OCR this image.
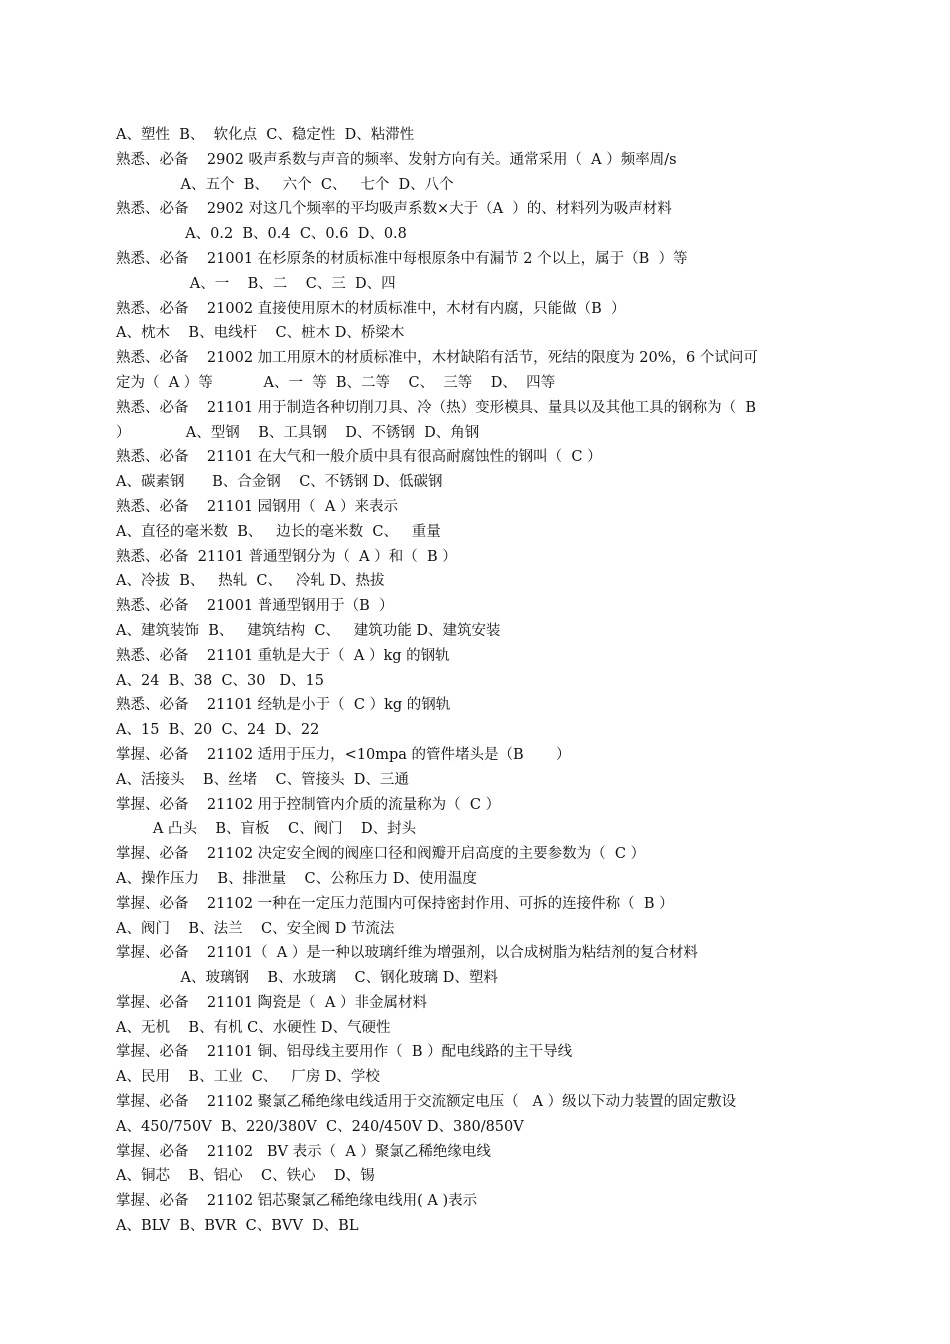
A、塑性  B、  软化点  C、稳定性  D、粘滞性

熟悉、必备    2902 吸声系数与声音的频率、发射方向有关。通常采用（  A ）频率周/s

A、五个  B、   六个  C、   七个  D、八个

熟悉、必备    2902 对这几个频率的平均吸声系数×大于（A  ）的、材料列为吸声材料

A、0.2  B、0.4  C、0.6  D、0.8

熟悉、必备    21001 在杉原条的材质标准中每根原条中有漏节 2 个以上，属于（B  ）等

A、一    B、二    C、三  D、四

熟悉、必备    21002 直接使用原木的材质标准中，木材有内腐，只能做（B  ）

A、枕木    B、电线杆    C、桩木 D、桥梁木

熟悉、必备    21002 加工用原木的材质标准中，木材缺陷有活节，死结的限度为 20%，6 个试问可

定为（  A ）等           A、一  等  B、二等    C、  三等    D、  四等

熟悉、必备    21101 用于制造各种切削刀具、冷（热）变形模具、量具以及其他工具的钢称为（  B

）            A、型钢    B、工具钢    D、不锈钢  D、角钢

熟悉、必备    21101 在大气和一般介质中具有很高耐腐蚀性的钢叫（  C ）

A、碳素钢      B、合金钢    C、不锈钢 D、低碳钢

熟悉、必备    21101 园钢用（  A ）来表示

A、直径的毫米数  B、   边长的毫米数  C、   重量

熟悉、必备  21101 普通型钢分为（  A ）和（  B ）

A、冷拔  B、   热轧  C、   冷轧 D、热拔

熟悉、必备    21001 普通型钢用于（B  ）

A、建筑装饰  B、   建筑结构  C、   建筑功能 D、建筑安装

熟悉、必备    21101 重轨是大于（  A ）kg 的钢轨

A、24  B、38  C、30   D、15

熟悉、必备    21101 经轨是小于（  C ）kg 的钢轨

A、15  B、20  C、24  D、22

掌握、必备    21102 适用于压力，<10mpa 的管件堵头是（B       ）

A、活接头    B、丝堵    C、管接头  D、三通

掌握、必备    21102 用于控制管内介质的流量称为（  C ）

A 凸头    B、盲板    C、阀门    D、封头

掌握、必备    21102 决定安全阀的阀座口径和阀瓣开启高度的主要参数为（  C ）

A、操作压力    B、排泄量    C、公称压力 D、使用温度

掌握、必备    21102 一种在一定压力范围内可保持密封作用、可拆的连接件称（  B ）

A、阀门    B、法兰    C、安全阀 D 节流法

掌握、必备    21101（  A ）是一种以玻璃纤维为增强剂，以合成树脂为粘结剂的复合材料

A、玻璃钢    B、水玻璃    C、钢化玻璃 D、塑料

掌握、必备    21101 陶瓷是（  A ）非金属材料

A、无机    B、有机 C、水硬性 D、气硬性

掌握、必备    21101 铜、铝母线主要用作（  B ）配电线路的主干导线

A、民用    B、工业  C、   厂房 D、学校

掌握、必备    21102 聚氯乙稀绝缘电线适用于交流额定电压（   A ）级以下动力装置的固定敷设

A、450/750V  B、220/380V  C、240/450V D、380/850V

掌握、必备    21102   BV 表示（  A ）聚氯乙稀绝缘电线

A、铜芯    B、铝心    C、铁心    D、锡

掌握、必备    21102 铝芯聚氯乙稀绝缘电线用( A )表示

A、BLV  B、BVR  C、BVV  D、BL
